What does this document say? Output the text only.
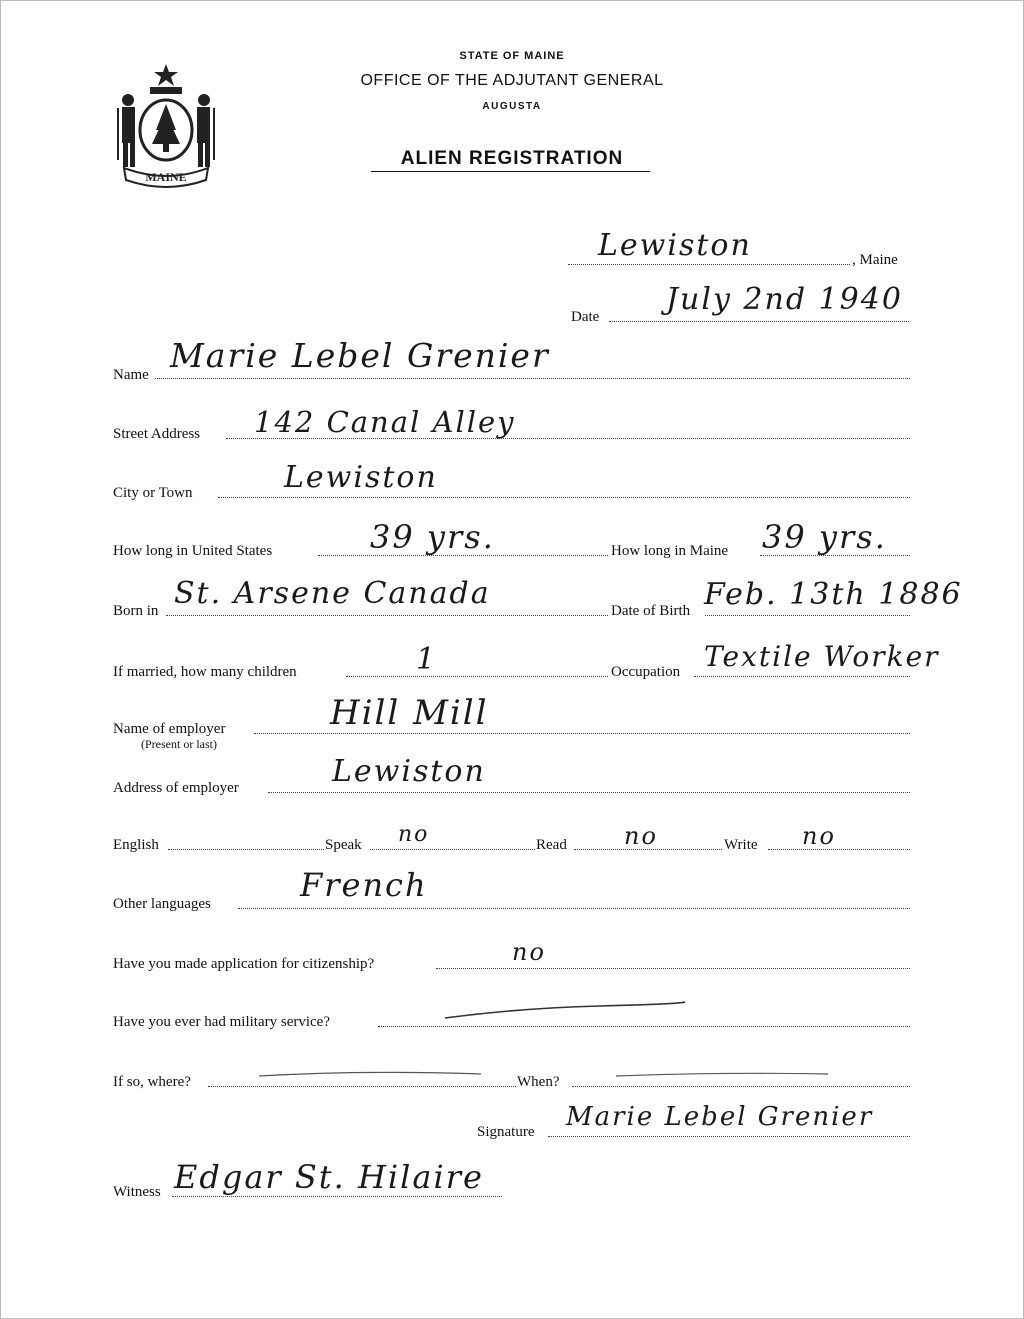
MAINE
STATE OF MAINE
OFFICE OF THE ADJUTANT GENERAL
AUGUSTA
ALIEN REGISTRATION
Lewiston	, Maine
Date July 2nd 1940
Name Marie Lebel Grenier
Street Address 142 Canal Alley
City or Town	Lewiston
How long in United States	39 yrs.	How long in Maine 39 yrs.
Born in St. Arsene Canada	Date of Birth Feb. 13th 1886
If married, how many children	1	Occupation Textile Worker
Name of employer
(Present or last)
Hill Mill
Address of employer	Lewiston
English	Speak no	Read no	Write no
Other languages	French
Have you made application for citizenship?	no
Have you ever had military service?
If so, where?	When?
Signature Marie Lebel Grenier
Witness Edgar St. Hilaire
